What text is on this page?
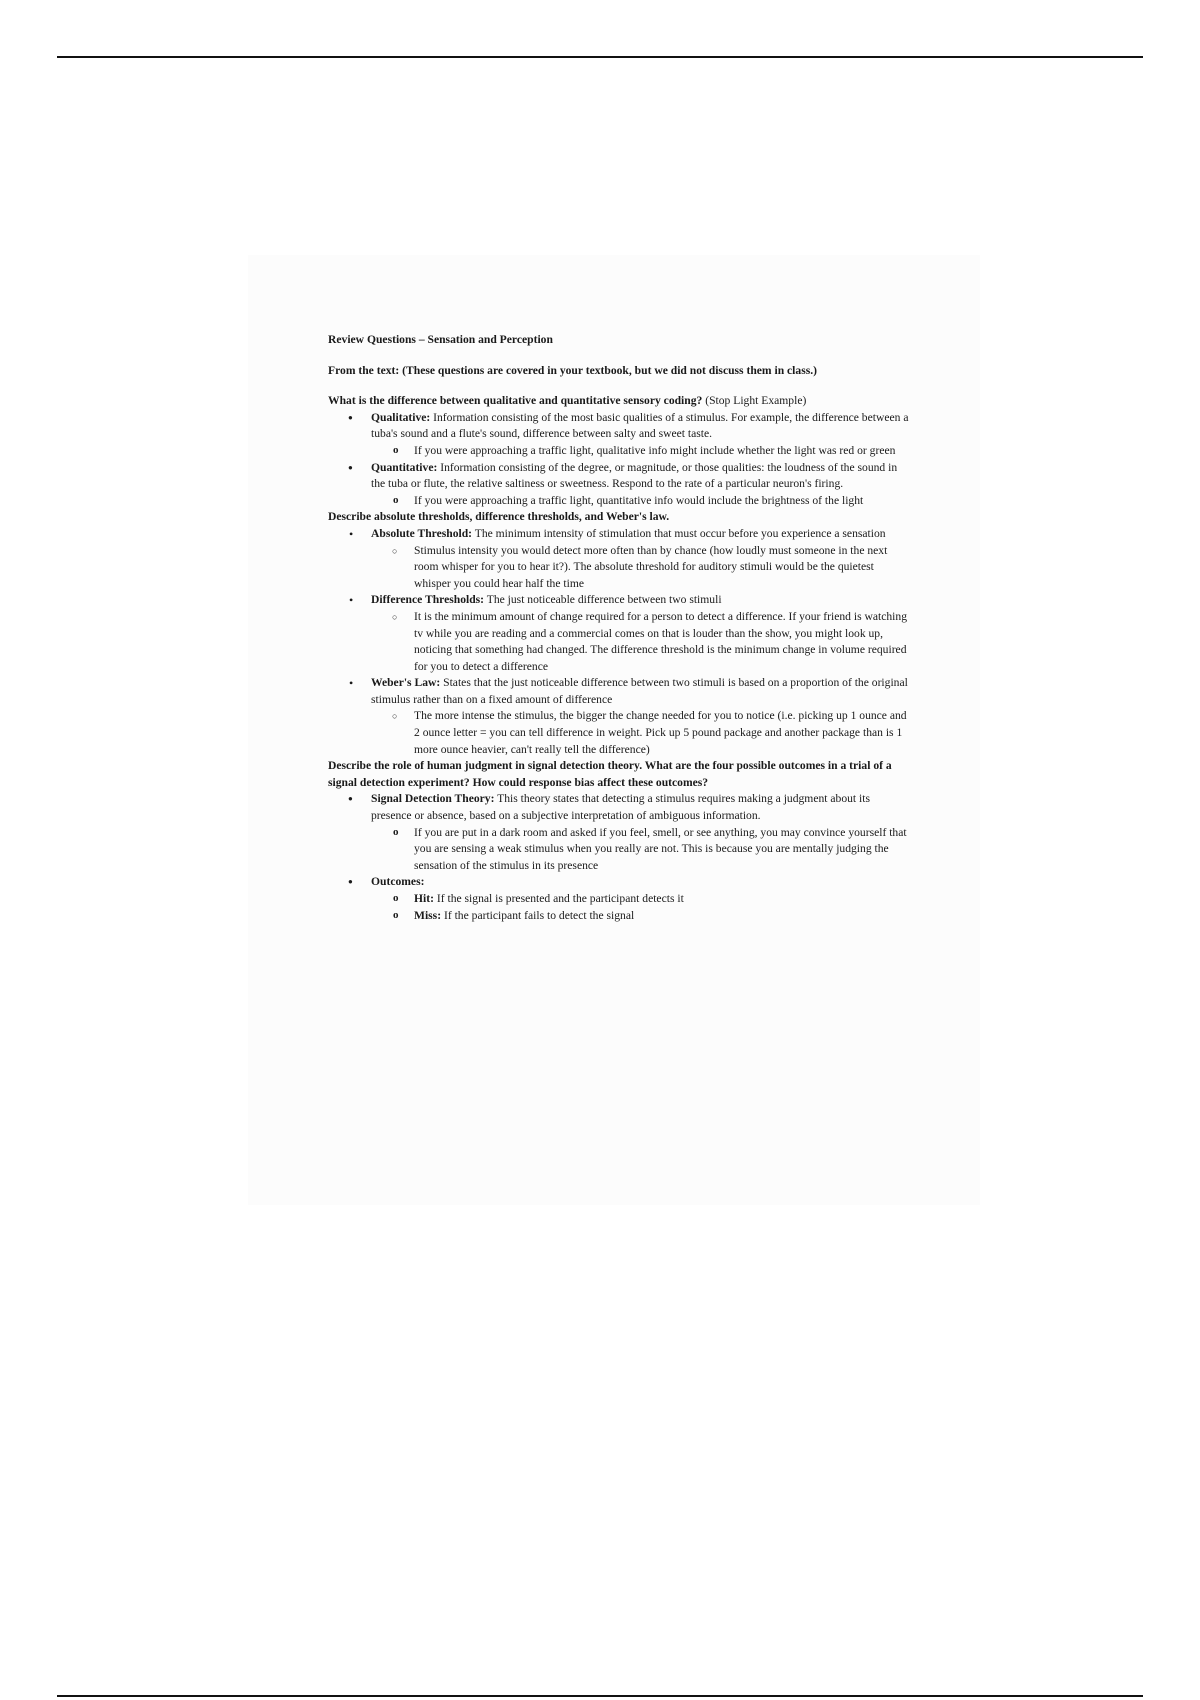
Review Questions – Sensation and Perception

From the text: (These questions are covered in your textbook, but we did not discuss them in class.)

What is the difference between qualitative and quantitative sensory coding? (Stop Light Example)

● Qualitative: Information consisting of the most basic qualities of a stimulus. For example, the difference between a tuba's sound and a flute's sound, difference between salty and sweet taste.
o If you were approaching a traffic light, qualitative info might include whether the light was red or green
● Quantitative: Information consisting of the degree, or magnitude, or those qualities: the loudness of the sound in the tuba or flute, the relative saltiness or sweetness. Respond to the rate of a particular neuron's firing.
o If you were approaching a traffic light, quantitative info would include the brightness of the light

Describe absolute thresholds, difference thresholds, and Weber's law.

• Absolute Threshold: The minimum intensity of stimulation that must occur before you experience a sensation
○ Stimulus intensity you would detect more often than by chance (how loudly must someone in the next room whisper for you to hear it?). The absolute threshold for auditory stimuli would be the quietest whisper you could hear half the time
• Difference Thresholds: The just noticeable difference between two stimuli
○ It is the minimum amount of change required for a person to detect a difference. If your friend is watching tv while you are reading and a commercial comes on that is louder than the show, you might look up, noticing that something had changed. The difference threshold is the minimum change in volume required for you to detect a difference
• Weber's Law: States that the just noticeable difference between two stimuli is based on a proportion of the original stimulus rather than on a fixed amount of difference
○ The more intense the stimulus, the bigger the change needed for you to notice (i.e. picking up 1 ounce and 2 ounce letter = you can tell difference in weight. Pick up 5 pound package and another package than is 1 more ounce heavier, can't really tell the difference)

Describe the role of human judgment in signal detection theory. What are the four possible outcomes in a trial of a signal detection experiment? How could response bias affect these outcomes?

● Signal Detection Theory: This theory states that detecting a stimulus requires making a judgment about its presence or absence, based on a subjective interpretation of ambiguous information.
o If you are put in a dark room and asked if you feel, smell, or see anything, you may convince yourself that you are sensing a weak stimulus when you really are not. This is because you are mentally judging the sensation of the stimulus in its presence
● Outcomes:
o Hit: If the signal is presented and the participant detects it
o Miss: If the participant fails to detect the signal
